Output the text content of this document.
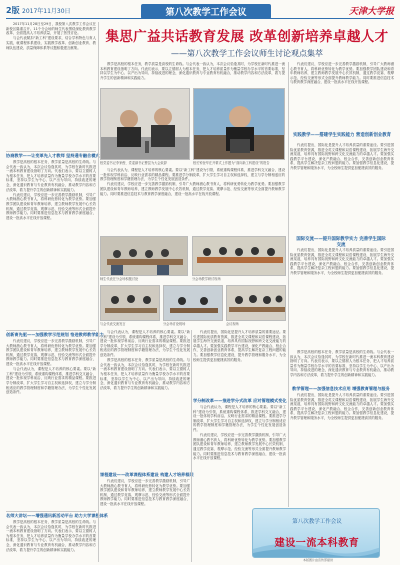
2版 2017年11月30日	第八次教学工作会议	天津大学报

2017年11月28日至29日，我校第八次教学工作会议在新校区隆重召开。11个分会场的师生代表围绕深化教育教学改革、全面提高人才培养质量，开展了热烈讨论。

与会代表紧扣“新工科”建设要求，结合学科特色与育人实践，就课程体系建设、实践教学改革、创新创业教育、教师队伍建设、质量保障体系等议题积极建言献策。

集思广益共话教育发展 改革创新培养卓越人才
——第八次教学工作会议师生讨论观点集萃

教学是高校的根本任务，教学质量是高校的生命线。与会代表一致认为，本次会议恰逢其时，为学校在新时代推进一流本科教育建设指明了方向。代表们表示，要以立德树人为根本任务，把人才培养质量作为衡量学校办学水平的首要标准，坚持以学生为中心、以产出为导向、持续改进的理念，深化通识教育与专业教育有机融合，推动教学内容和方法改革，着力提升学生的创新精神和实践能力。

校党委书记李家俊、党委副书记曹昆为大会致辞	校长钟登华在开幕式上作题为“面向新工科建设”的报告

代表们建议，学校应进一步完善教学激励机制，引导广大教师潜心教书育人，将科研优势转化为教学优势。要加强教学团队建设和青年教师培养，建立教师教学发展中心长效机制，通过教学竞赛、观摩示范、经验交流等形式全面提升教师教学能力。同时要推进信息技术与教育教学深度融合，建设一批高水平在线开放课程。

实践教学——搭建学生实践能力 营造创新创业教育

代表们提出，国际化是提升人才培养质量的重要途径。要引进国际优质教育资源，推进全英文课程和双语课程建设，拓展学生海外交流渠道，培养具有国际视野和跨文化交流能力的卓越人才。要加强实践教学平台建设，深化产教融合、校企合作，完善创新创业教育体系，提高学生解决复杂工程问题的能力。要加强教学信息化建设，提升教学管理和服务水平，为全校师生提供更加便捷高效的服务。

协商教学——让变革先入才教师 坚持通专融合模式

教学是高校的根本任务，教学质量是高校的生命线。与会代表一致认为，本次会议恰逢其时，为学校在新时代推进一流本科教育建设指明了方向。代表们表示，要以立德树人为根本任务，把人才培养质量作为衡量学校办学水平的首要标准，坚持以学生为中心、以产出为导向、持续改进的理念，深化通识教育与专业教育有机融合，推动教学内容和方法改革，着力提升学生的创新精神和实践能力。

代表们建议，学校应进一步完善教学激励机制，引导广大教师潜心教书育人，将科研优势转化为教学优势。要加强教学团队建设和青年教师培养，建立教师教学发展中心长效机制，通过教学竞赛、观摩示范、经验交流等形式全面提升教师教学能力。同时要推进信息技术与教育教学深度融合，建设一批高水平在线开放课程。

与会代表认为，课程是人才培养的核心要素。要以“新工科”建设为引领，系统重构课程体系，推进学科交叉融合，建设一批体现学科前沿、反映行业需求的精品课程。要推进学分制改革，扩大学生学习自主权和选择权，建立与学分制相适应的教学管理制度和学籍管理办法，为学生个性化发展创造条件。

代表们建议，学校应进一步完善教学激励机制，引导广大教师潜心教书育人，将科研优势转化为教学优势。要加强教学团队建设和青年教师培养，建立教师教学发展中心长效机制，通过教学竞赛、观摩示范、经验交流等形式全面提升教师教学能力。同时要推进信息技术与教育教学深度融合，建设一批高水平在线开放课程。

师生代表在分会场积极讨论	分会场教学研讨现场
国际交流——提升国际教学实力 完善学生国际交流

代表们提出，国际化是提升人才培养质量的重要途径。要引进国际优质教育资源，推进全英文课程和双语课程建设，拓展学生海外交流渠道，培养具有国际视野和跨文化交流能力的卓越人才。要加强实践教学平台建设，深化产教融合、校企合作，完善创新创业教育体系，提高学生解决复杂工程问题的能力。要加强教学信息化建设，提升教学管理和服务水平，为全校师生提供更加便捷高效的服务。

与会代表交流发言	分会场讨论现场	会议现场
创新育先驱——加强教学示范规划 恪进教师教学能力

代表们建议，学校应进一步完善教学激励机制，引导广大教师潜心教书育人，将科研优势转化为教学优势。要加强教学团队建设和青年教师培养，建立教师教学发展中心长效机制，通过教学竞赛、观摩示范、经验交流等形式全面提升教师教学能力。同时要推进信息技术与教育教学深度融合，建设一批高水平在线开放课程。

与会代表认为，课程是人才培养的核心要素。要以“新工科”建设为引领，系统重构课程体系，推进学科交叉融合，建设一批体现学科前沿、反映行业需求的精品课程。要推进学分制改革，扩大学生学习自主权和选择权，建立与学分制相适应的教学管理制度和学籍管理办法，为学生个性化发展创造条件。

名师大讲坛——增强通讯新活动平台 助力大学课程体系

教学是高校的根本任务，教学质量是高校的生命线。与会代表一致认为，本次会议恰逢其时，为学校在新时代推进一流本科教育建设指明了方向。代表们表示，要以立德树人为根本任务，把人才培养质量作为衡量学校办学水平的首要标准，坚持以学生为中心、以产出为导向、持续改进的理念，深化通识教育与专业教育有机融合，推动教学内容和方法改革，着力提升学生的创新精神和实践能力。

与会代表认为，课程是人才培养的核心要素。要以“新工科”建设为引领，系统重构课程体系，推进学科交叉融合，建设一批体现学科前沿、反映行业需求的精品课程。要推进学分制改革，扩大学生学习自主权和选择权，建立与学分制相适应的教学管理制度和学籍管理办法，为学生个性化发展创造条件。

教学是高校的根本任务，教学质量是高校的生命线。与会代表一致认为，本次会议恰逢其时，为学校在新时代推进一流本科教育建设指明了方向。代表们表示，要以立德树人为根本任务，把人才培养质量作为衡量学校办学水平的首要标准，坚持以学生为中心、以产出为导向、持续改进的理念，深化通识教育与专业教育有机融合，推动教学内容和方法改革，着力提升学生的创新精神和实践能力。

课程建设——改革课程体系建设 构建人才培养框架

代表们建议，学校应进一步完善教学激励机制，引导广大教师潜心教书育人，将科研优势转化为教学优势。要加强教学团队建设和青年教师培养，建立教师教学发展中心长效机制，通过教学竞赛、观摩示范、经验交流等形式全面提升教师教学能力。同时要推进信息技术与教育教学深度融合，建设一批高水平在线开放课程。

学分制改革——推进学分式改革 应对管理模式变化

代表们提出，国际化是提升人才培养质量的重要途径。要引进国际优质教育资源，推进全英文课程和双语课程建设，拓展学生海外交流渠道，培养具有国际视野和跨文化交流能力的卓越人才。要加强实践教学平台建设，深化产教融合、校企合作，完善创新创业教育体系，提高学生解决复杂工程问题的能力。要加强教学信息化建设，提升教学管理和服务水平，为全校师生提供更加便捷高效的服务。

与会代表认为，课程是人才培养的核心要素。要以“新工科”建设为引领，系统重构课程体系，推进学科交叉融合，建设一批体现学科前沿、反映行业需求的精品课程。要推进学分制改革，扩大学生学习自主权和选择权，建立与学分制相适应的教学管理制度和学籍管理办法，为学生个性化发展创造条件。

代表们建议，学校应进一步完善教学激励机制，引导广大教师潜心教书育人，将科研优势转化为教学优势。要加强教学团队建设和青年教师培养，建立教师教学发展中心长效机制，通过教学竞赛、观摩示范、经验交流等形式全面提升教师教学能力。同时要推进信息技术与教育教学深度融合，建设一批高水平在线开放课程。

教学是高校的根本任务，教学质量是高校的生命线。与会代表一致认为，本次会议恰逢其时，为学校在新时代推进一流本科教育建设指明了方向。代表们表示，要以立德树人为根本任务，把人才培养质量作为衡量学校办学水平的首要标准，坚持以学生为中心、以产出为导向、持续改进的理念，深化通识教育与专业教育有机融合，推动教学内容和方法改革，着力提升学生的创新精神和实践能力。

教学管理——加强信息技术应用 增强教育管理与服务

代表们提出，国际化是提升人才培养质量的重要途径。要引进国际优质教育资源，推进全英文课程和双语课程建设，拓展学生海外交流渠道，培养具有国际视野和跨文化交流能力的卓越人才。要加强实践教学平台建设，深化产教融合、校企合作，完善创新创业教育体系，提高学生解决复杂工程问题的能力。要加强教学信息化建设，提升教学管理和服务水平，为全校师生提供更加便捷高效的服务。

第八次教学工作会议
建设一流本科教育
本版图片由宣传部提供
